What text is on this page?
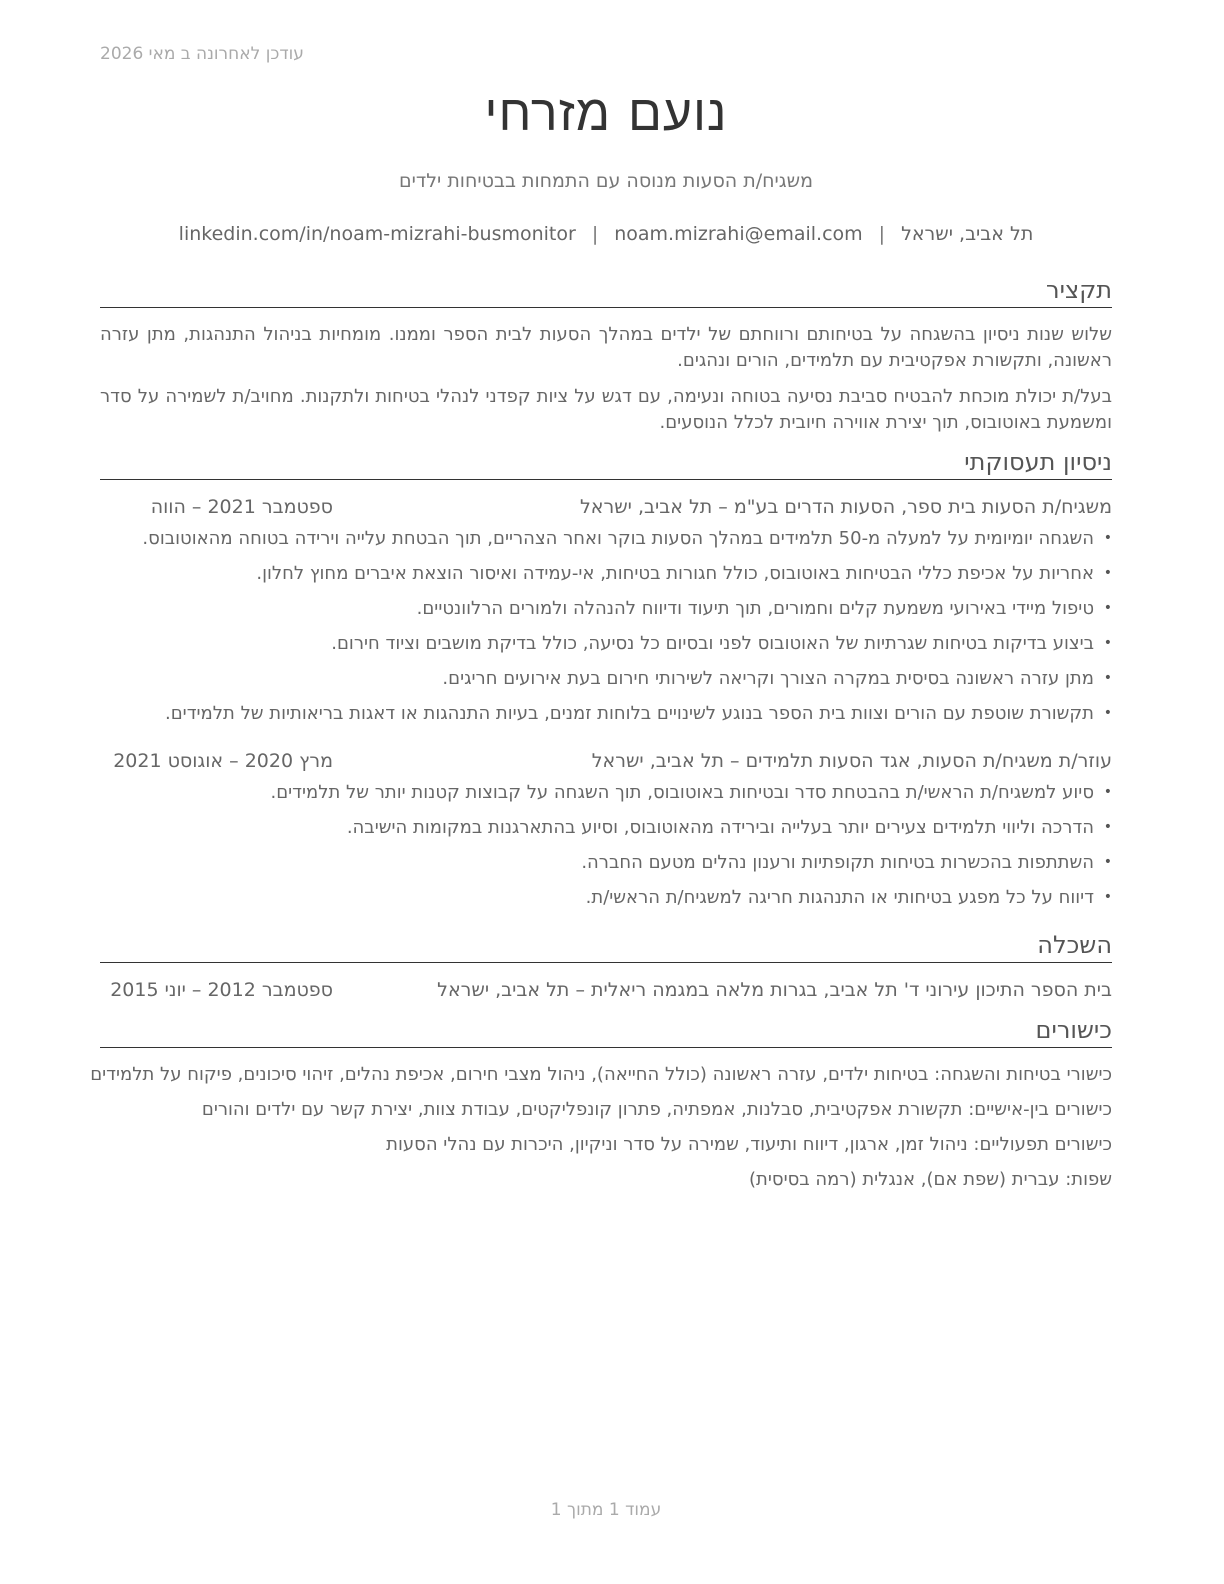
עודכן לאחרונה ב מאי 2026
נועם מזרחי
משגיח/ת הסעות מנוסה עם התמחות בבטיחות ילדים
תל אביב, ישראל|noam.mizrahi@email.com|linkedin.com/in/noam-mizrahi-busmonitor
תקציר

שלוש שנות ניסיון בהשגחה על בטיחותם ורווחתם של ילדים במהלך הסעות לבית הספר וממנו. מומחיות בניהול התנהגות, מתן עזרה ראשונה, ותקשורת אפקטיבית עם תלמידים, הורים ונהגים.

בעל/ת יכולת מוכחת להבטיח סביבת נסיעה בטוחה ונעימה, עם דגש על ציות קפדני לנהלי בטיחות ולתקנות. מחויב/ת לשמירה על סדר ומשמעת באוטובוס, תוך יצירת אווירה חיובית לכלל הנוסעים.

ניסיון תעסוקתי
משגיח/ת הסעות בית ספר, הסעות הדרים בע"מ – תל אביב, ישראל
ספטמבר 2021 – הווה
• השגחה יומיומית על למעלה מ-50 תלמידים במהלך הסעות בוקר ואחר הצהריים, תוך הבטחת עלייה וירידה בטוחה מהאוטובוס.
• אחריות על אכיפת כללי הבטיחות באוטובוס, כולל חגורות בטיחות, אי-עמידה ואיסור הוצאת איברים מחוץ לחלון.
• טיפול מיידי באירועי משמעת קלים וחמורים, תוך תיעוד ודיווח להנהלה ולמורים הרלוונטיים.
• ביצוע בדיקות בטיחות שגרתיות של האוטובוס לפני ובסיום כל נסיעה, כולל בדיקת מושבים וציוד חירום.
• מתן עזרה ראשונה בסיסית במקרה הצורך וקריאה לשירותי חירום בעת אירועים חריגים.
• תקשורת שוטפת עם הורים וצוות בית הספר בנוגע לשינויים בלוחות זמנים, בעיות התנהגות או דאגות בריאותיות של תלמידים.
עוזר/ת משגיח/ת הסעות, אגד הסעות תלמידים – תל אביב, ישראל
מרץ 2020 – אוגוסט 2021
• סיוע למשגיח/ת הראשי/ת בהבטחת סדר ובטיחות באוטובוס, תוך השגחה על קבוצות קטנות יותר של תלמידים.
• הדרכה וליווי תלמידים צעירים יותר בעלייה ובירידה מהאוטובוס, וסיוע בהתארגנות במקומות הישיבה.
• השתתפות בהכשרות בטיחות תקופתיות ורענון נהלים מטעם החברה.
• דיווח על כל מפגע בטיחותי או התנהגות חריגה למשגיח/ת הראשי/ת.
השכלה
בית הספר התיכון עירוני ד' תל אביב, בגרות מלאה במגמה ריאלית – תל אביב, ישראל
ספטמבר 2012 – יוני 2015
כישורים
כישורי בטיחות והשגחה: בטיחות ילדים, עזרה ראשונה (כולל החייאה), ניהול מצבי חירום, אכיפת נהלים, זיהוי סיכונים, פיקוח על תלמידים
כישורים בין-אישיים: תקשורת אפקטיבית, סבלנות, אמפתיה, פתרון קונפליקטים, עבודת צוות, יצירת קשר עם ילדים והורים
כישורים תפעוליים: ניהול זמן, ארגון, דיווח ותיעוד, שמירה על סדר וניקיון, היכרות עם נהלי הסעות
שפות: עברית (שפת אם), אנגלית (רמה בסיסית)
עמוד 1 מתוך 1
